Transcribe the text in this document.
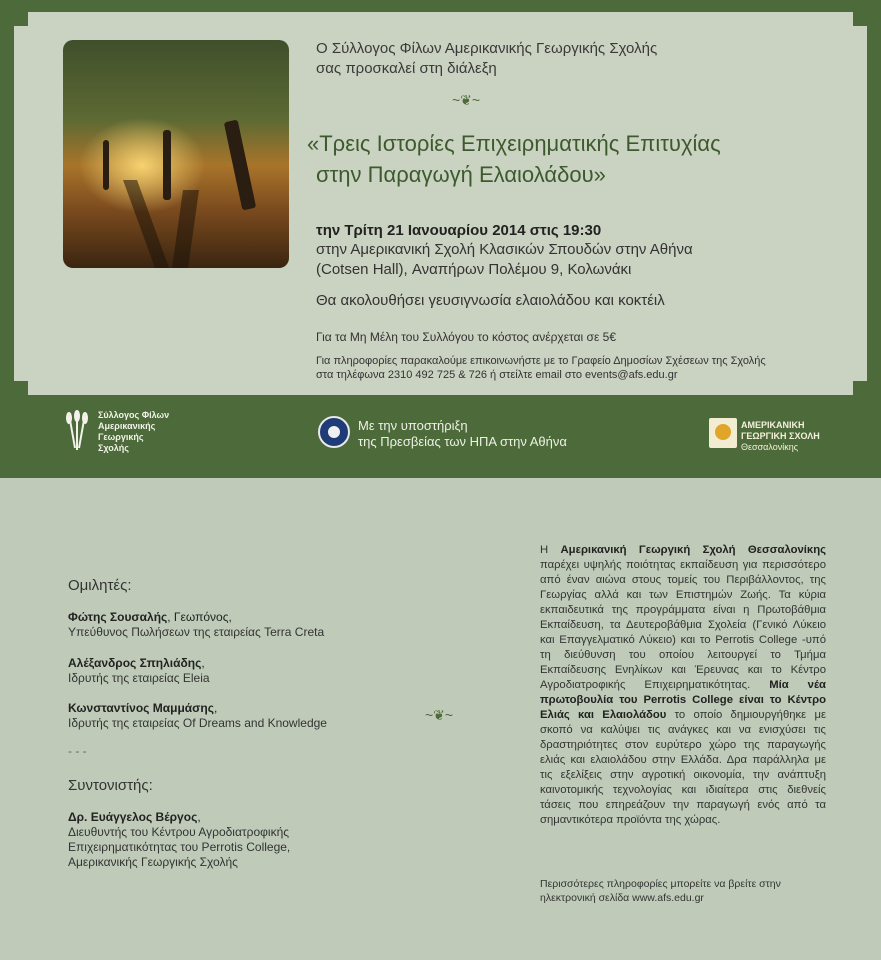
Ο Σύλλογος Φίλων Αμερικανικής Γεωργικής Σχολής
σας προσκαλεί στη διάλεξη
~❦~
«Τρεις Ιστορίες Επιχειρηματικής Επιτυχίας
στην Παραγωγή Ελαιολάδου»
την Τρίτη 21 Ιανουαρίου 2014 στις 19:30
στην Αμερικανική Σχολή Κλασικών Σπουδών στην Αθήνα
(Cotsen Hall), Αναπήρων Πολέμου 9, Κολωνάκι
Θα ακολουθήσει γευσιγνωσία ελαιολάδου και κοκτέιλ
Για τα Μη Μέλη του Συλλόγου το κόστος ανέρχεται σε 5€
Για πληροφορίες παρακαλούμε επικοινωνήστε με το Γραφείο Δημοσίων Σχέσεων της Σχολής
στα τηλέφωνα 2310 492 725 & 726 ή στείλτε email στο events@afs.edu.gr
Σύλλογος Φίλων
Αμερικανικής
Γεωργικής
Σχολής
Με την υποστήριξη
της Πρεσβείας των ΗΠΑ στην Αθήνα
ΑΜΕΡΙΚΑΝΙΚΗ
ΓΕΩΡΓΙΚΗ ΣΧΟΛΗ
Θεσσαλονίκης
Ομιλητές:
Φώτης Σουσαλής, Γεωπόνος,
Υπεύθυνος Πωλήσεων της εταιρείας Terra Creta
Αλέξανδρος Σπηλιάδης,
Ιδρυτής της εταιρείας Eleia
Κωνσταντίνος Μαμμάσης,
Ιδρυτής της εταιρείας Of Dreams and Knowledge
- - -
Συντονιστής:
Δρ. Ευάγγελος Βέργος,
Διευθυντής του Κέντρου Αγροδιατροφικής
Επιχειρηματικότητας του Perrotis College,
Αμερικανικής Γεωργικής Σχολής
~❦~
Η Αμερικανική Γεωργική Σχολή Θεσσαλονίκης παρέχει υψηλής ποιότητας εκπαίδευση για περισσότερο από έναν αιώνα στους τομείς του Περιβάλλοντος, της Γεωργίας αλλά και των Επιστημών Ζωής. Τα κύρια εκπαιδευτικά της προγράμματα είναι η Πρωτοβάθμια Εκπαίδευση, τα Δευτεροβάθμια Σχολεία (Γενικό Λύκειο και Επαγγελματικό Λύκειο) και το Perrotis College -υπό τη διεύθυνση του οποίου λειτουργεί το Τμήμα Εκπαίδευσης Ενηλίκων και Έρευνας και το Κέντρο Αγροδιατροφικής Επιχειρηματικότητας. Μία νέα πρωτοβουλία του Perrotis College είναι το Κέντρο Ελιάς και Ελαιολάδου το οποίο δημιουργήθηκε με σκοπό να καλύψει τις ανάγκες και να ενισχύσει τις δραστηριότητες στον ευρύτερο χώρο της παραγωγής ελιάς και ελαιολάδου στην Ελλάδα. Δρα παράλληλα με τις εξελίξεις στην αγροτική οικονομία, την ανάπτυξη καινοτομικής τεχνολογίας και ιδιαίτερα στις διεθνείς τάσεις που επηρεάζουν την παραγωγή ενός από τα σημαντικότερα προϊόντα της χώρας.
Περισσότερες πληροφορίες μπορείτε να βρείτε στην ηλεκτρονική σελίδα www.afs.edu.gr
